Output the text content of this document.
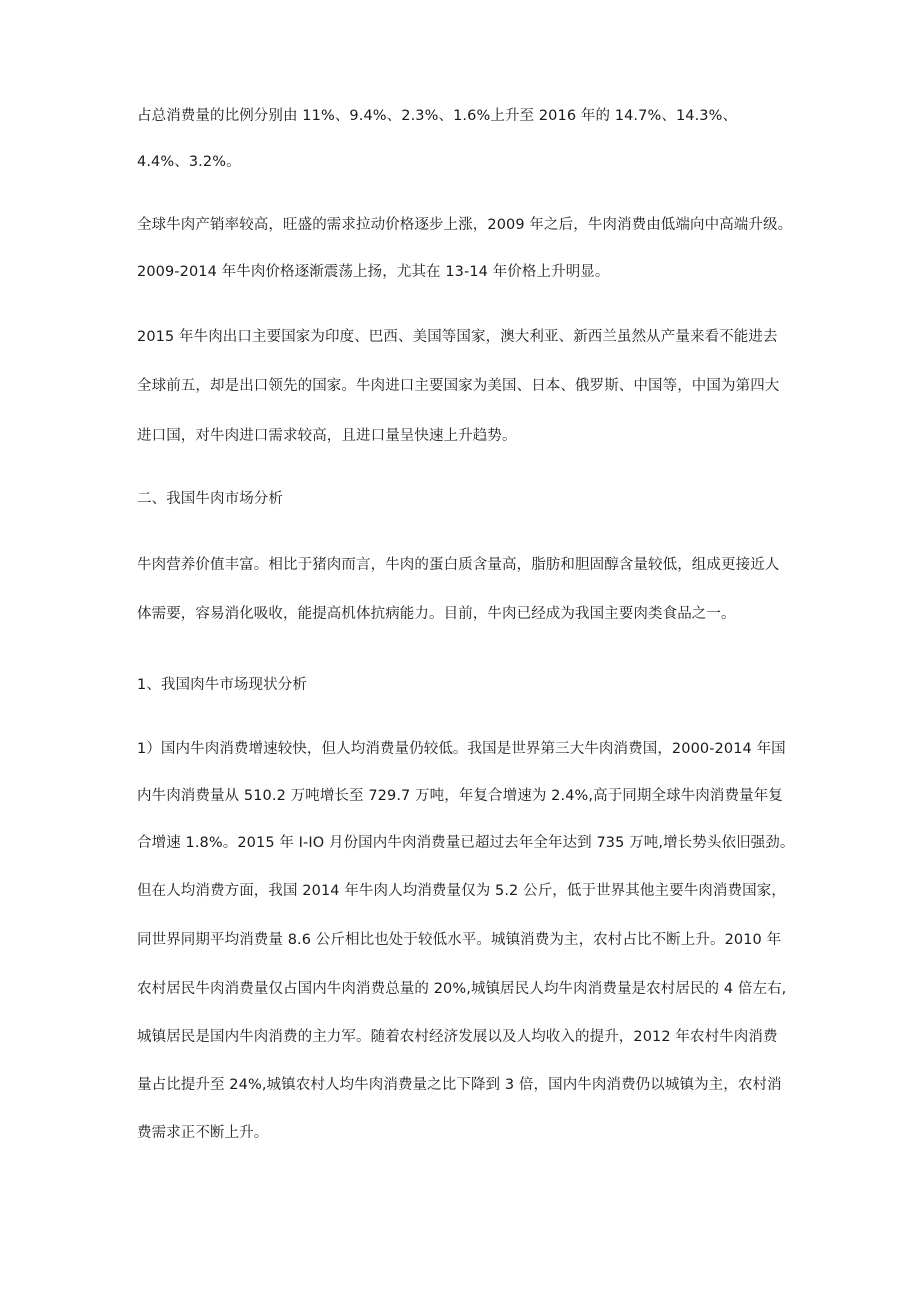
占总消费量的比例分别由 11%、9.4%、2.3%、1.6%上升至 2016 年的 14.7%、14.3%、
4.4%、3.2%。
全球牛肉产销率较高，旺盛的需求拉动价格逐步上涨，2009 年之后，牛肉消费由低端向中高端升级。
2009-2014 年牛肉价格逐渐震荡上扬，尤其在 13-14 年价格上升明显。
2015 年牛肉出口主要国家为印度、巴西、美国等国家，澳大利亚、新西兰虽然从产量来看不能进去
全球前五，却是出口领先的国家。牛肉进口主要国家为美国、日本、俄罗斯、中国等，中国为第四大
进口国，对牛肉进口需求较高，且进口量呈快速上升趋势。
二、我国牛肉市场分析
牛肉营养价值丰富。相比于猪肉而言，牛肉的蛋白质含量高，脂肪和胆固醇含量较低，组成更接近人
体需要，容易消化吸收，能提高机体抗病能力。目前，牛肉已经成为我国主要肉类食品之一。
1、我国肉牛市场现状分析
1）国内牛肉消费增速较快，但人均消费量仍较低。我国是世界第三大牛肉消费国，2000-2014 年国
内牛肉消费量从 510.2 万吨增长至 729.7 万吨，年复合增速为 2.4%,高于同期全球牛肉消费量年复
合增速 1.8%。2015 年 I-IO 月份国内牛肉消费量已超过去年全年达到 735 万吨,增长势头依旧强劲。
但在人均消费方面，我国 2014 年牛肉人均消费量仅为 5.2 公斤，低于世界其他主要牛肉消费国家，
同世界同期平均消费量 8.6 公斤相比也处于较低水平。城镇消费为主，农村占比不断上升。2010 年
农村居民牛肉消费量仅占国内牛肉消费总量的 20%,城镇居民人均牛肉消费量是农村居民的 4 倍左右,
城镇居民是国内牛肉消费的主力军。随着农村经济发展以及人均收入的提升，2012 年农村牛肉消费
量占比提升至 24%,城镇农村人均牛肉消费量之比下降到 3 倍，国内牛肉消费仍以城镇为主，农村消
费需求正不断上升。
